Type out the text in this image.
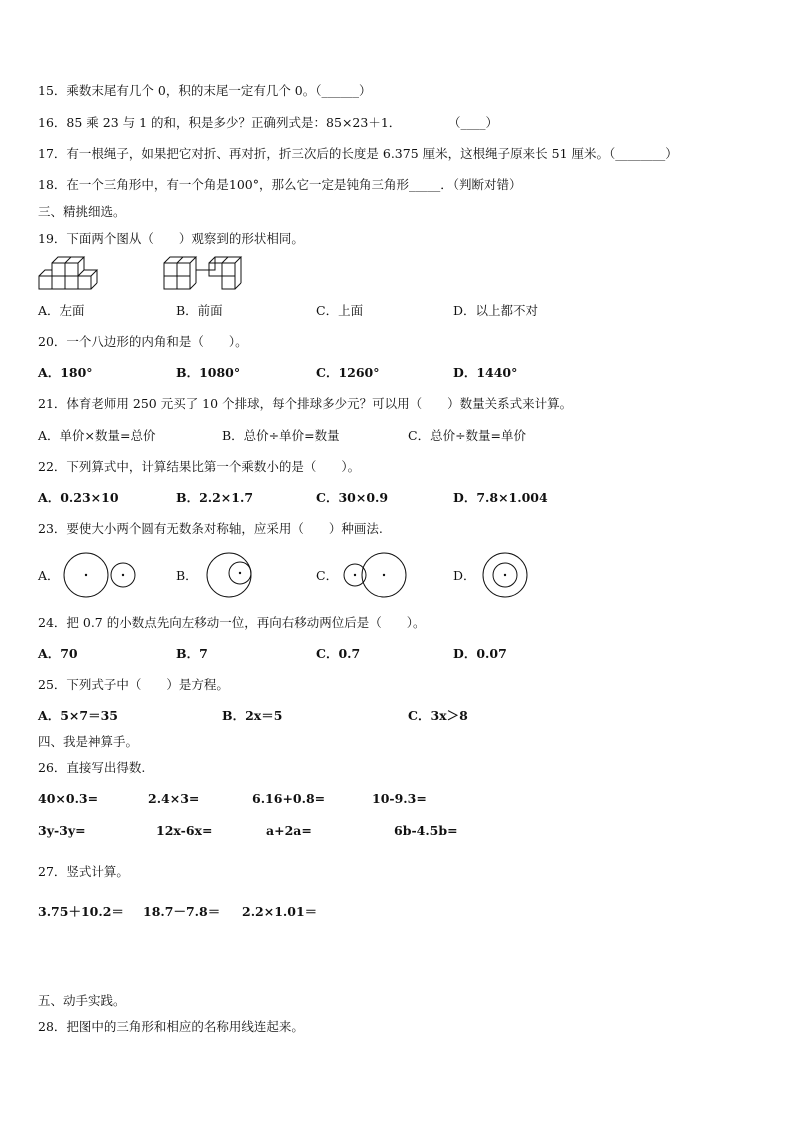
15．乘数末尾有几个 0，积的末尾一定有几个 0。（______）
16．85 乘 23 与 1 的和，积是多少？正确列式是：85×23＋1．	（____）
17．有一根绳子，如果把它对折、再对折，折三次后的长度是 6.375 厘米，这根绳子原来长 51 厘米。（________）
18．在一个三角形中，有一个角是100°，那么它一定是钝角三角形_____．（判断对错）
三、精挑细选。
19．下面两个图从（　　）观察到的形状相同。
A．左面	B．前面	C．上面	D．以上都不对
20．一个八边形的内角和是（　　）。
A．180°	B．1080°	C．1260°	D．1440°
21．体育老师用 250 元买了 10 个排球，每个排球多少元？可以用（　　）数量关系式来计算。
A．单价×数量=总价	B．总价÷单价=数量	C．总价÷数量=单价
22．下列算式中，计算结果比第一个乘数小的是（　　）。
A．0.23×10	B．2.2×1.7	C．30×0.9	D．7.8×1.004
23．要使大小两个圆有无数条对称轴，应采用（　　）种画法.
A．	B．	C．	D．
24．把 0.7 的小数点先向左移动一位，再向右移动两位后是（　　）。
A．70	B．7	C．0.7	D．0.07
25．下列式子中（　　）是方程。
A．5×7＝35	B．2x＝5	C．3x＞8
四、我是神算手。
26．直接写出得数.
40×0.3=	2.4×3=	6.16+0.8=	10-9.3=
3y-3y=	12x-6x=	a+2a=	6b-4.5b=
27．竖式计算。
3.75＋10.2＝ 18.7－7.8＝ 2.2×1.01＝
五、动手实践。
28．把图中的三角形和相应的名称用线连起来。
